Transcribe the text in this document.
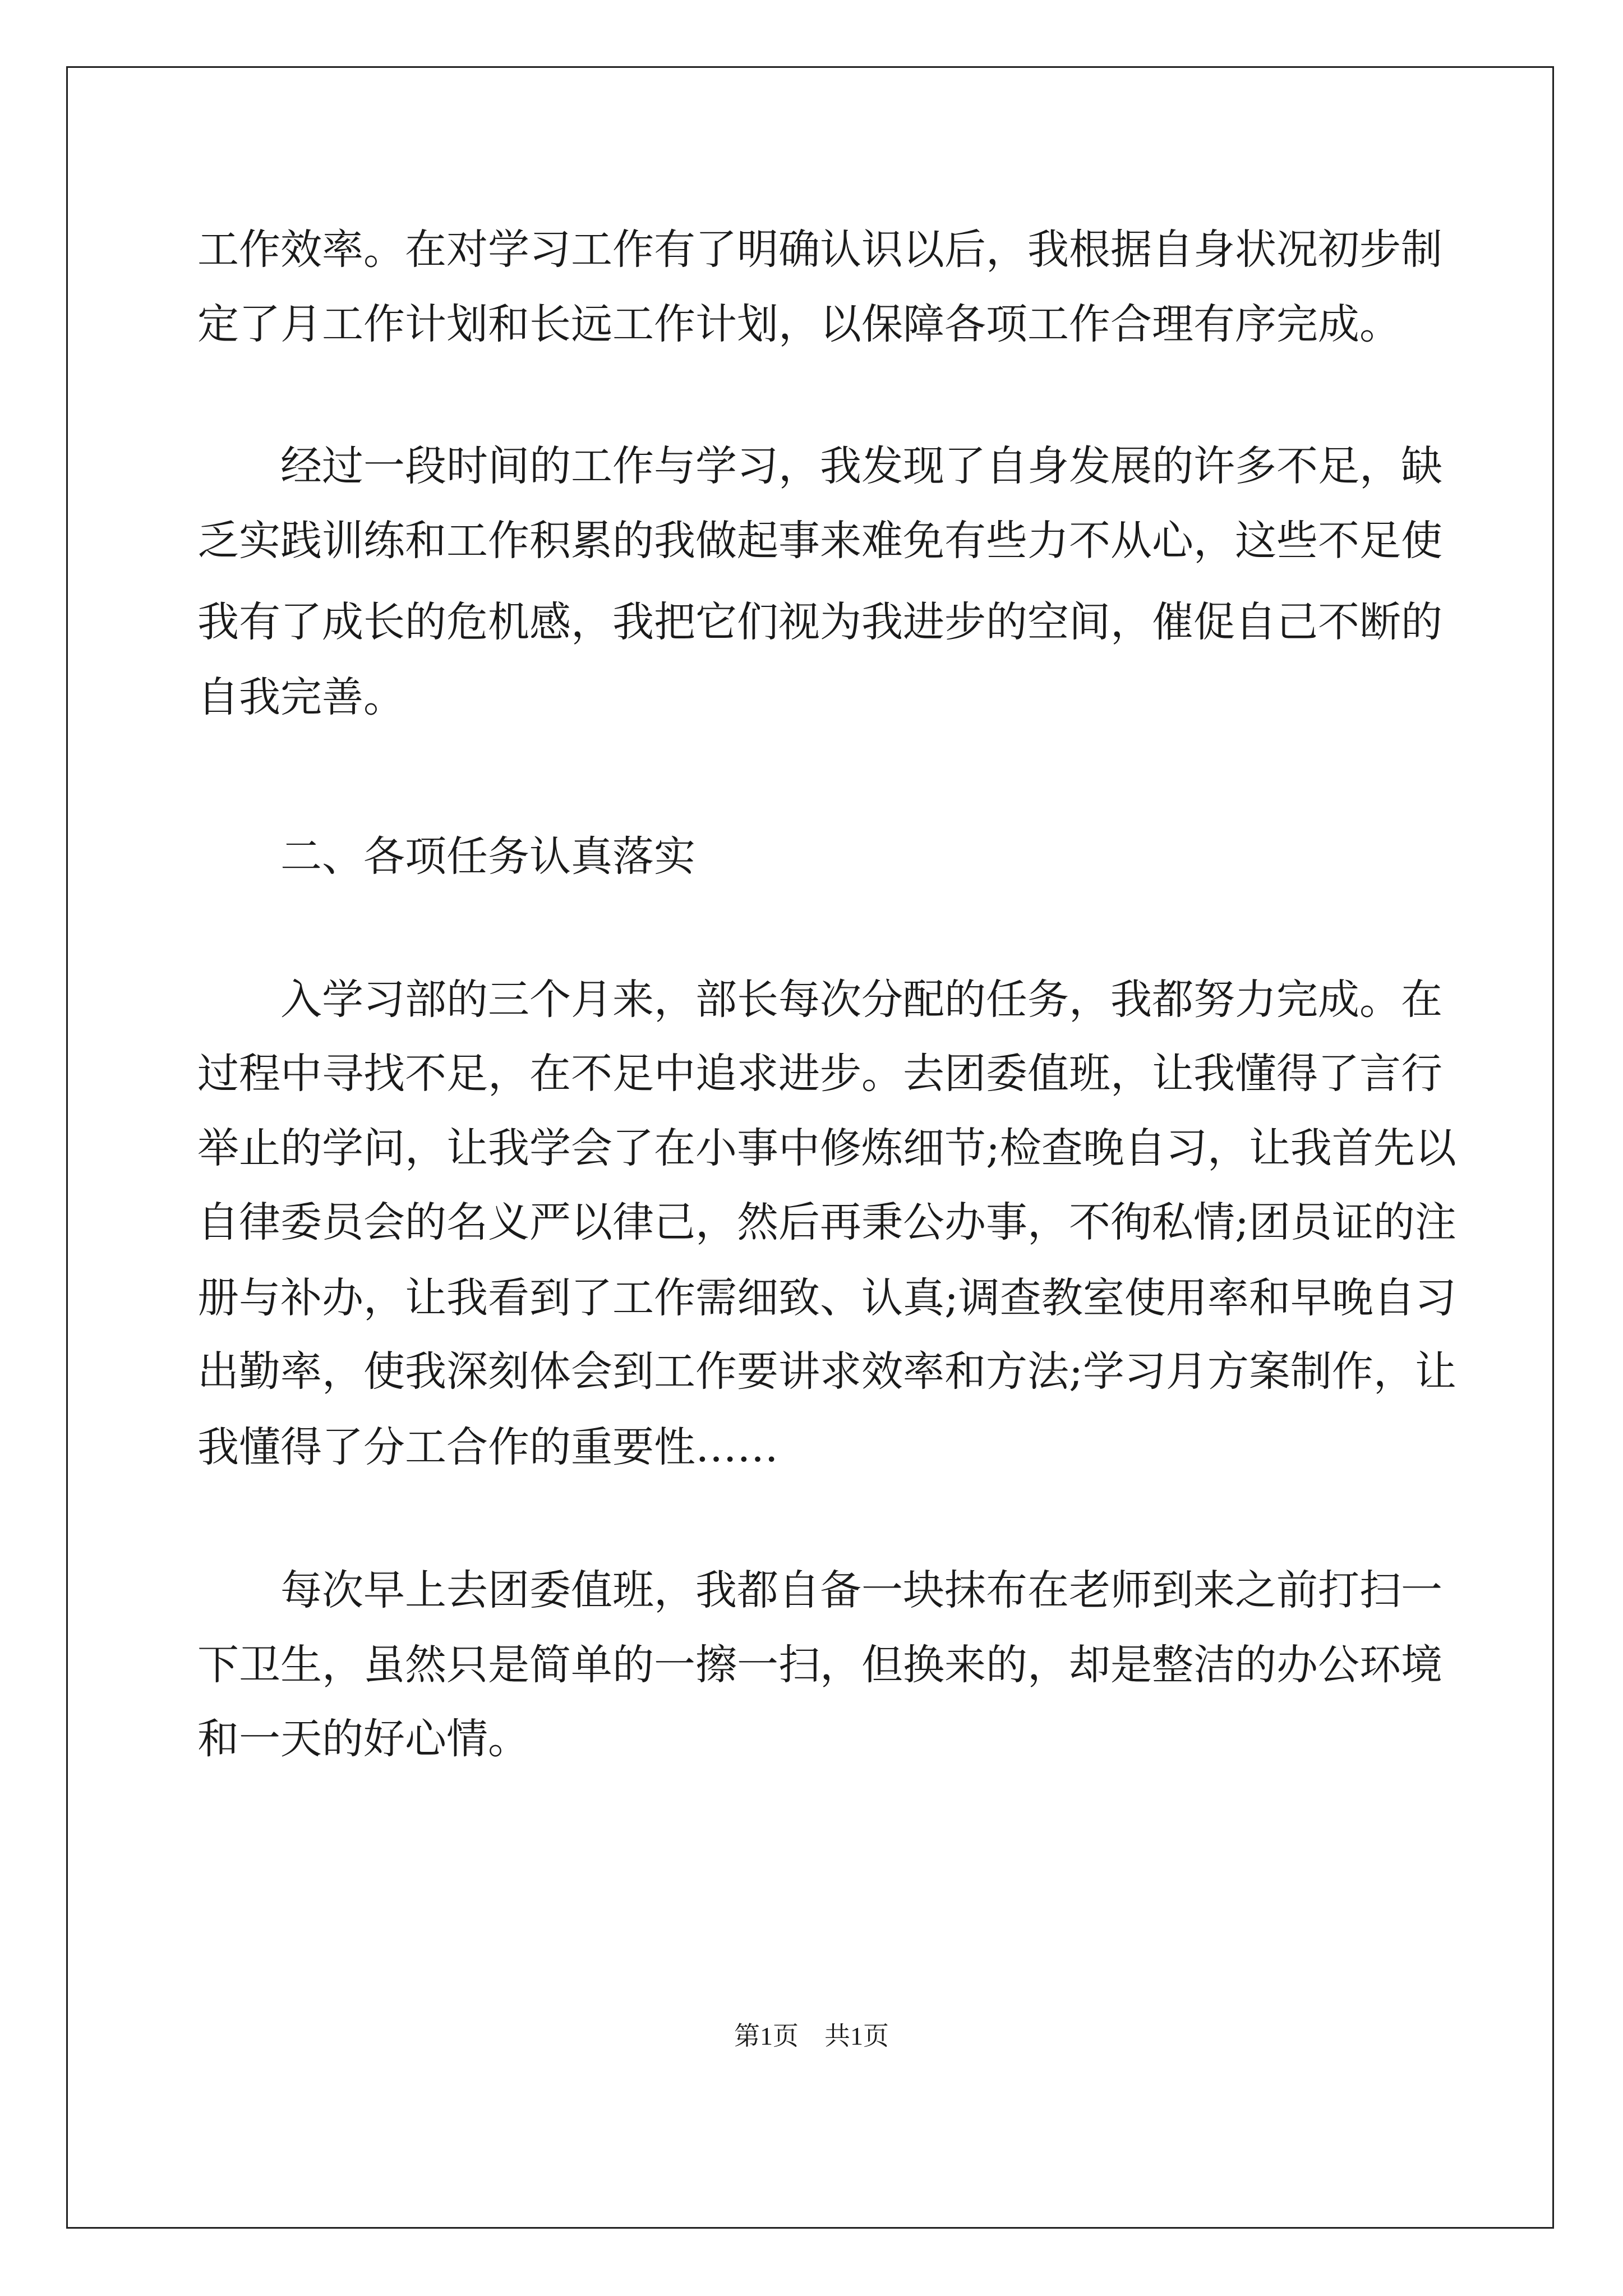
工作效率。在对学习工作有了明确认识以后，我根据自身状况初步制
定了月工作计划和长远工作计划，以保障各项工作合理有序完成。
经过一段时间的工作与学习，我发现了自身发展的许多不足，缺
乏实践训练和工作积累的我做起事来难免有些力不从心，这些不足使
我有了成长的危机感，我把它们视为我进步的空间，催促自己不断的
自我完善。
二、各项任务认真落实
入学习部的三个月来，部长每次分配的任务，我都努力完成。在
过程中寻找不足，在不足中追求进步。去团委值班，让我懂得了言行
举止的学问，让我学会了在小事中修炼细节;检查晚自习，让我首先以
自律委员会的名义严以律己，然后再秉公办事，不徇私情;团员证的注
册与补办，让我看到了工作需细致、认真;调查教室使用率和早晚自习
出勤率，使我深刻体会到工作要讲求效率和方法;学习月方案制作，让
我懂得了分工合作的重要性……
每次早上去团委值班，我都自备一块抹布在老师到来之前打扫一
下卫生，虽然只是简单的一擦一扫，但换来的，却是整洁的办公环境
和一天的好心情。
第1页　共1页
